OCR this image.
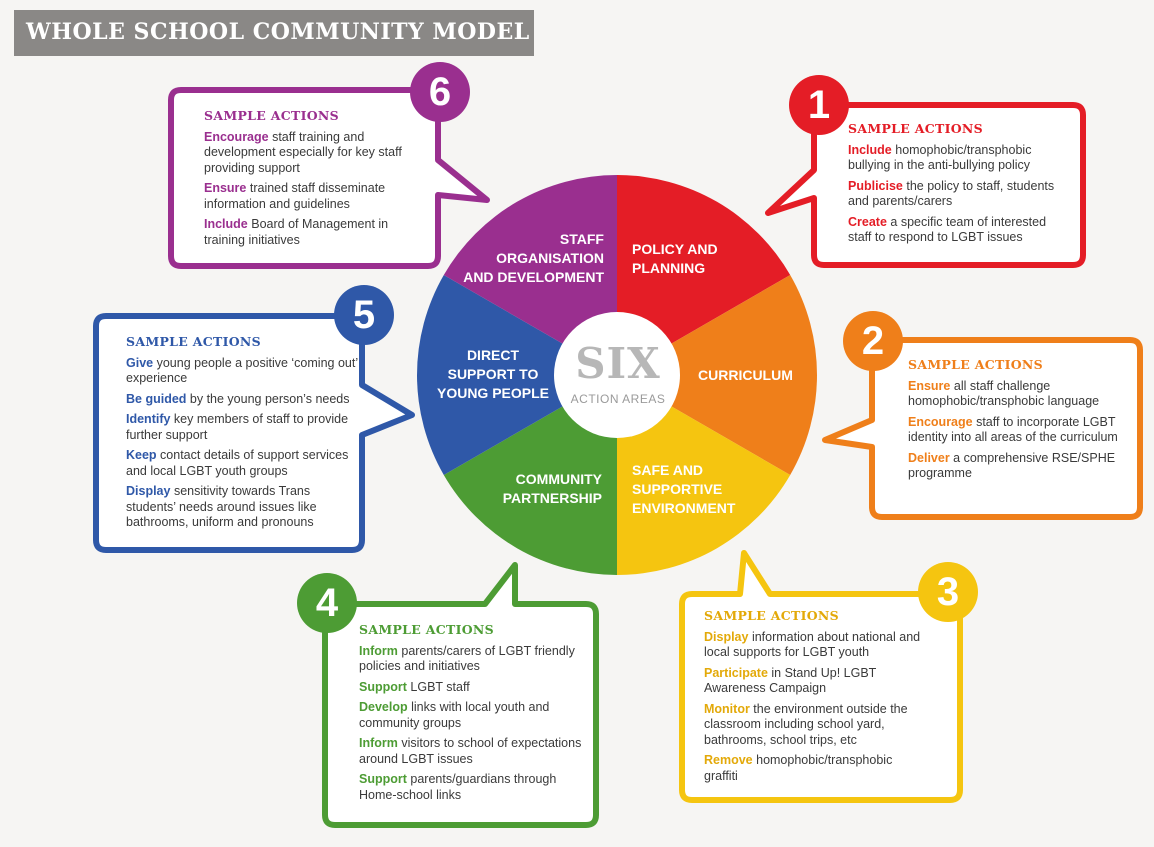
WHOLE SCHOOL COMMUNITY MODEL
SIX
ACTION AREAS
POLICY AND
PLANNING
CURRICULUM
SAFE AND
SUPPORTIVE
ENVIRONMENT
COMMUNITY
PARTNERSHIP
DIRECT
SUPPORT TO
YOUNG PEOPLE
STAFF
ORGANISATION
AND DEVELOPMENT
1
2
3
4
5
6
SAMPLE ACTIONS
Include homophobic/transphobic bullying in the anti-bullying policy
Publicise the policy to staff, students and parents/carers
Create a specific team of interested staff to respond to LGBT issues
SAMPLE ACTIONS
Ensure all staff challenge homophobic/transphobic language
Encourage staff to incorporate LGBT identity into all areas of the curriculum
Deliver a comprehensive RSE/SPHE programme
SAMPLE ACTIONS
Display information about national and local supports for LGBT youth
Participate in Stand Up! LGBT Awareness Campaign
Monitor the environment outside the classroom including school yard, bathrooms, school trips, etc
Remove homophobic/transphobic graffiti
SAMPLE ACTIONS
Inform parents/carers of LGBT friendly policies and initiatives
Support LGBT staff
Develop links with local youth and community groups
Inform visitors to school of expectations around LGBT issues
Support parents/guardians through Home-school links
SAMPLE ACTIONS
Give young people a positive ‘coming out’ experience
Be guided by the young person’s needs
Identify key members of staff to provide further support
Keep contact details of support services and local LGBT youth groups
Display sensitivity towards Trans students’ needs around issues like bathrooms, uniform and pronouns
SAMPLE ACTIONS
Encourage staff training and development especially for key staff providing support
Ensure trained staff disseminate information and guidelines
Include Board of Management in training initiatives
